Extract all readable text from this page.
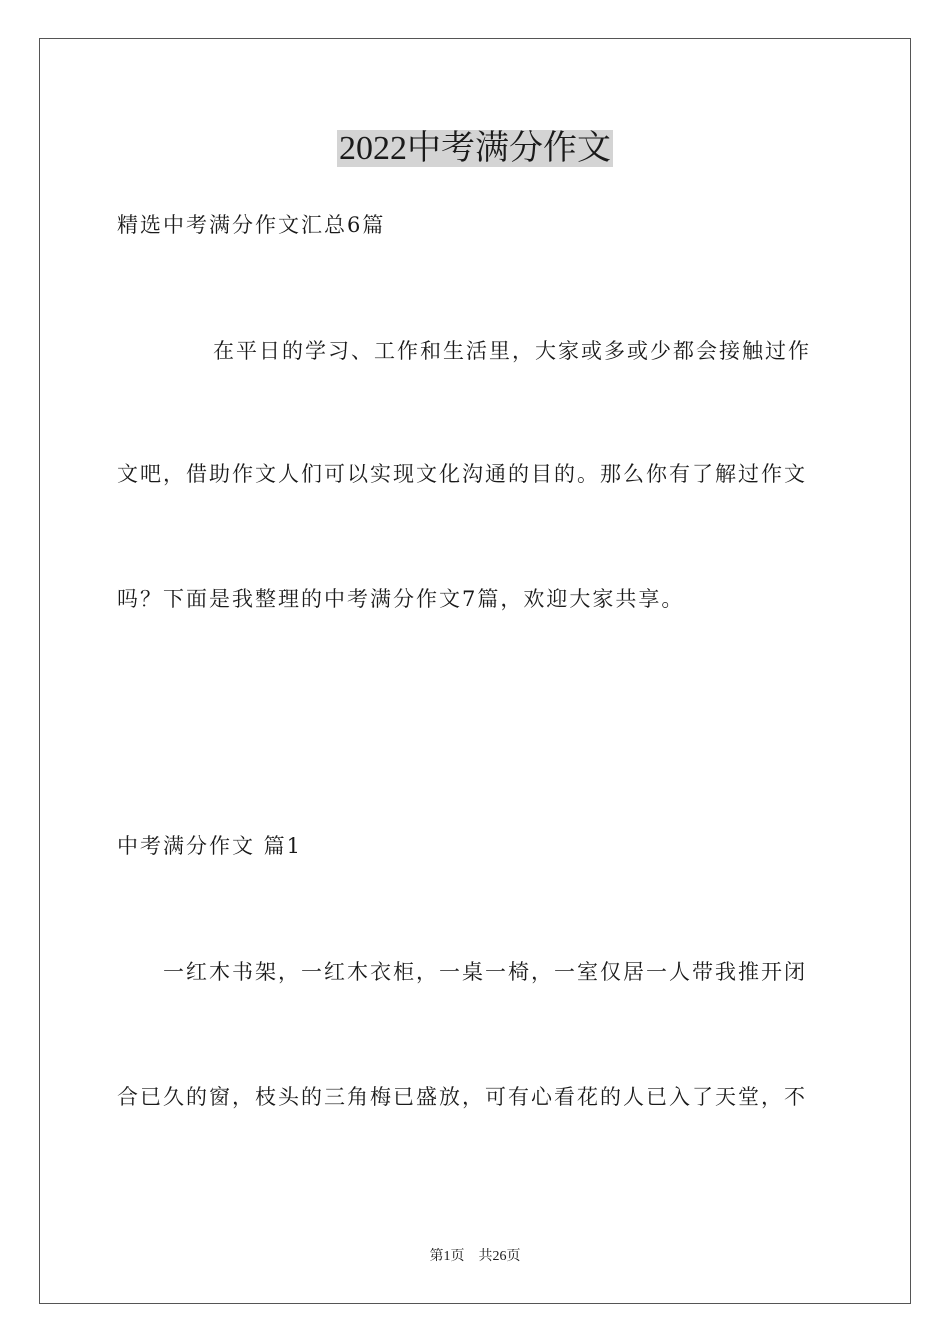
2022中考满分作文
精选中考满分作文汇总6篇
在平日的学习、工作和生活里，大家或多或少都会接触过作
文吧，借助作文人们可以实现文化沟通的目的。那么你有了解过作文
吗？下面是我整理的中考满分作文7篇，欢迎大家共享。
中考满分作文 篇1
一红木书架，一红木衣柜，一桌一椅，一室仅居一人带我推开闭
合已久的窗，枝头的三角梅已盛放，可有心看花的人已入了天堂，不
第1页　共26页
